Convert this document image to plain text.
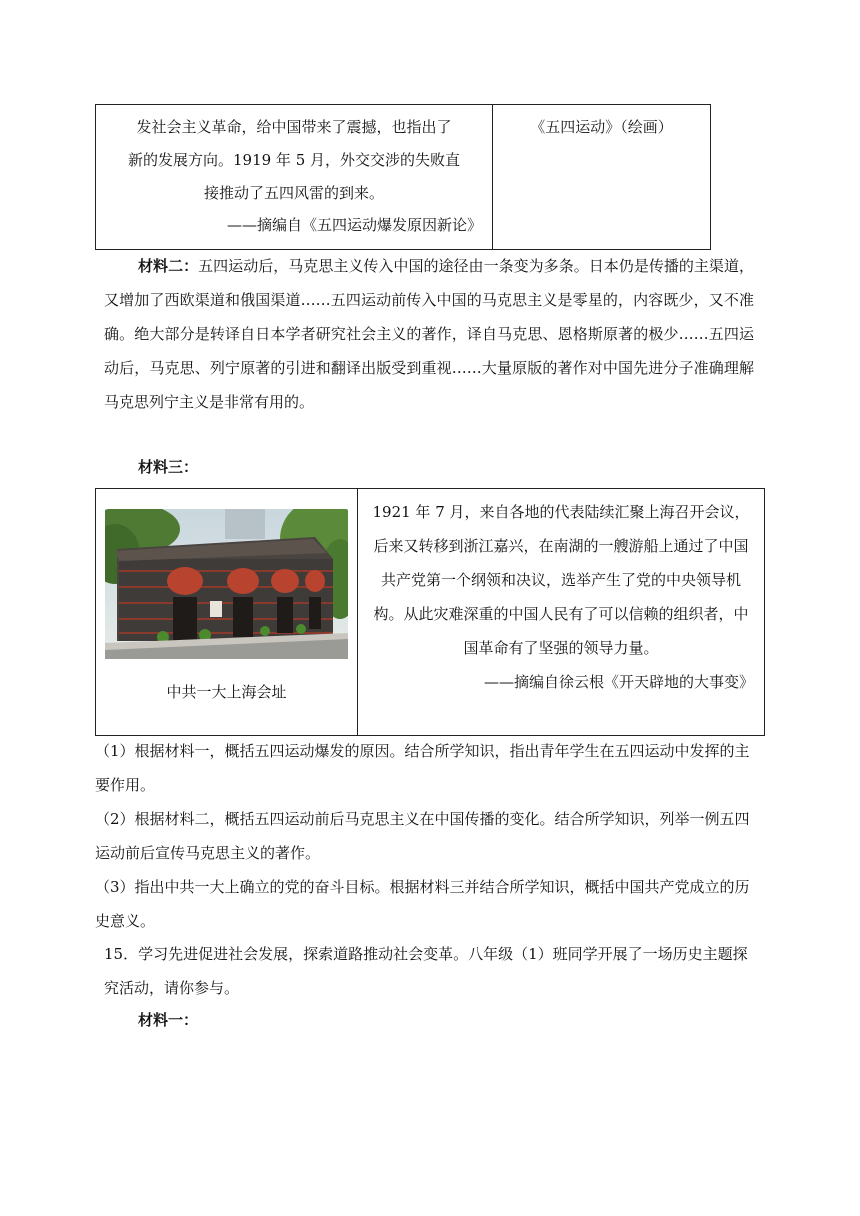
发社会主义革命，给中国带来了震撼，也指出了
新的发展方向。1919 年 5 月，外交交涉的失败直
接推动了五四风雷的到来。
——摘编自《五四运动爆发原因新论》
《五四运动》（绘画）
材料二：五四运动后，马克思主义传入中国的途径由一条变为多条。日本仍是传播的主渠道，又增加了西欧渠道和俄国渠道……五四运动前传入中国的马克思主义是零星的，内容既少，又不准确。绝大部分是转译自日本学者研究社会主义的著作，译自马克思、恩格斯原著的极少……五四运动后，马克思、列宁原著的引进和翻译出版受到重视……大量原版的著作对中国先进分子准确理解马克思列宁主义是非常有用的。
材料三：
中共一大上海会址
1921 年 7 月，来自各地的代表陆续汇聚上海召开会议，后来又转移到浙江嘉兴，在南湖的一艘游船上通过了中国共产党第一个纲领和决议，选举产生了党的中央领导机构。从此灾难深重的中国人民有了可以信赖的组织者，中国革命有了坚强的领导力量。
——摘编自徐云根《开天辟地的大事变》
（1）根据材料一，概括五四运动爆发的原因。结合所学知识，指出青年学生在五四运动中发挥的主要作用。
（2）根据材料二，概括五四运动前后马克思主义在中国传播的变化。结合所学知识，列举一例五四运动前后宣传马克思主义的著作。
（3）指出中共一大上确立的党的奋斗目标。根据材料三并结合所学知识，概括中国共产党成立的历史意义。
15．学习先进促进社会发展，探索道路推动社会变革。八年级（1）班同学开展了一场历史主题探究活动，请你参与。
材料一：
